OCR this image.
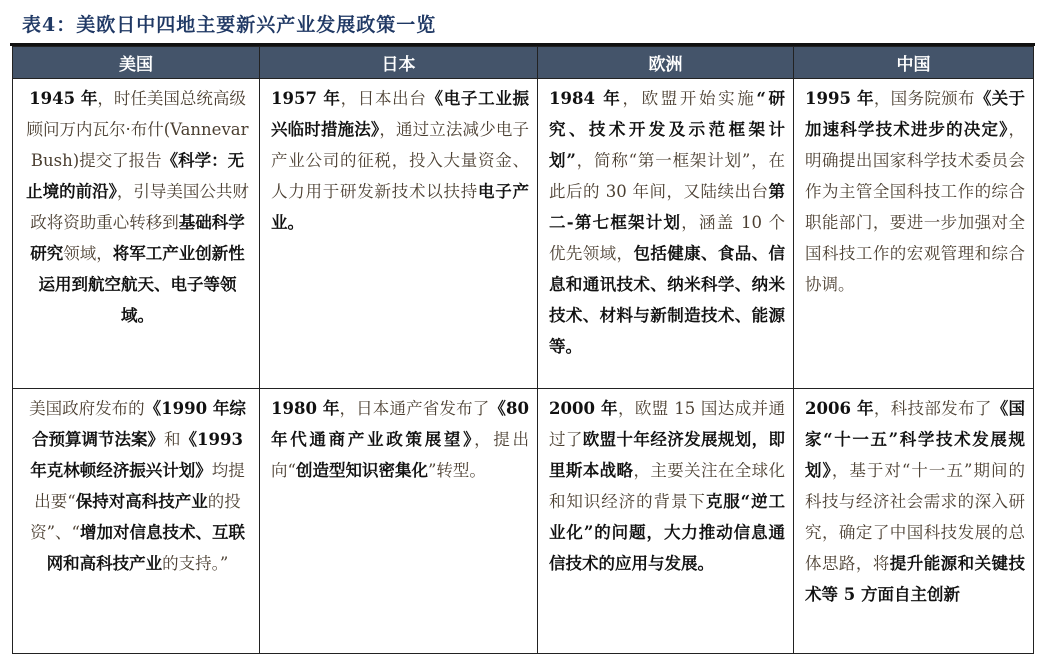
表4：美欧日中四地主要新兴产业发展政策一览
美国	日本	欧洲	中国
1945 年，时任美国总统高级顾问万内瓦尔·布什(Vannevar Bush)提交了报告《科学：无止境的前沿》，引导美国公共财政将资助重心转移到基础科学研究领域，将军工产业创新性运用到航空航天、电子等领域。	1957 年，日本出台《电子工业振兴临时措施法》，通过立法减少电子产业公司的征税，投入大量资金、人力用于研发新技术以扶持电子产业。	1984 年，欧盟开始实施“研究、技术开发及示范框架计划”，简称“第一框架计划”，在此后的 30 年间，又陆续出台第二-第七框架计划，涵盖 10 个优先领域，包括健康、食品、信息和通讯技术、纳米科学、纳米技术、材料与新制造技术、能源等。	1995 年，国务院颁布《关于加速科学技术进步的决定》，明确提出国家科学技术委员会作为主管全国科技工作的综合职能部门，要进一步加强对全国科技工作的宏观管理和综合协调。
美国政府发布的《1990 年综合预算调节法案》和《1993 年克林顿经济振兴计划》均提出要“保持对高科技产业的投资”、“增加对信息技术、互联网和高科技产业的支持。”	1980 年，日本通产省发布了《80 年代通商产业政策展望》，提出向“创造型知识密集化”转型。	2000 年，欧盟 15 国达成并通过了欧盟十年经济发展规划，即里斯本战略，主要关注在全球化和知识经济的背景下克服“逆工业化”的问题，大力推动信息通信技术的应用与发展。	2006 年，科技部发布了《国家“十一五”科学技术发展规划》，基于对“十一五”期间的科技与经济社会需求的深入研究，确定了中国科技发展的总体思路，将提升能源和关键技术等 5 方面自主创新
